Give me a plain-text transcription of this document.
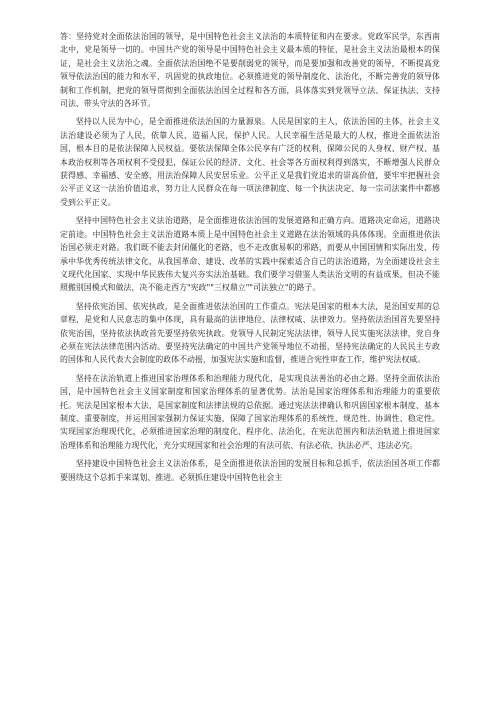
答：坚持党对全面依法治国的领导，是中国特色社会主义法治的本质特征和内在要求。党政军民学，东西南北中，党是领导一切的。中国共产党的领导是中国特色社会主义最本质的特征，是社会主义法治最根本的保证，是社会主义法治之魂。全面依法治国绝不是要削弱党的领导，而是要加强和改善党的领导，不断提高党领导依法治国的能力和水平，巩固党的执政地位。必须推进党的领导制度化、法治化，不断完善党的领导体制和工作机制，把党的领导贯彻到全面依法治国全过程和各方面，具体落实到党领导立法、保证执法、支持司法、带头守法的各环节。

坚持以人民为中心，是全面推进依法治国的力量源泉。人民是国家的主人，依法治国的主体，社会主义法治建设必须为了人民，依靠人民，造福人民，保护人民。人民幸福生活是最大的人权，推进全面依法治国，根本目的是依法保障人民权益。要依法保障全体公民享有广泛的权利，保障公民的人身权、财产权、基本政治权利等各项权利不受侵犯，保证公民的经济、文化、社会等各方面权利得到落实，不断增强人民群众获得感、幸福感、安全感，用法治保障人民安居乐业。公平正义是我们党追求的崇高价值，要牢牢把握社会公平正义这一法治价值追求，努力让人民群众在每一项法律制度、每一个执法决定、每一宗司法案件中都感受到公平正义。

坚持中国特色社会主义法治道路，是全面推进依法治国的发展道路和正确方向。道路决定命运，道路决定前途。中国特色社会主义法治道路本质上是中国特色社会主义道路在法治领域的具体体现。全面推进依法治国必须走对路。我们既不能去封闭僵化的老路，也不走改旗易帜的邪路，而要从中国国情和实际出发，传承中华优秀传统法律文化，从我国革命、建设、改革的实践中探索适合自己的法治道路，为全面建设社会主义现代化国家、实现中华民族伟大复兴夯实法治基础。我们要学习借鉴人类法治文明的有益成果，但决不能照搬别国模式和做法，决不能走西方"宪政""三权鼎立""司法独立"的路子。

坚持依宪治国、依宪执政，是全面推进依法治国的工作重点。宪法是国家的根本大法，是治国安邦的总章程，是党和人民意志的集中体现，具有最高的法律地位、法律权威、法律效力。坚持依法治国首先要坚持依宪治国，坚持依法执政首先要坚持依宪执政。党领导人民制定宪法法律，领导人民实施宪法法律，党自身必须在宪法法律范围内活动。要坚持宪法确定的中国共产党领导地位不动摇，坚持宪法确定的人民民主专政的国体和人民代表大会制度的政体不动摇，加强宪法实施和监督，推进合宪性审查工作，维护宪法权威。

坚持在法治轨道上推进国家治理体系和治理能力现代化，是实现良法善治的必由之路。坚持全面依法治国，是中国特色社会主义国家制度和国家治理体系的显著优势。法治是国家治理体系和治理能力的重要依托。宪法是国家根本大法，是国家制度和法律法规的总依据。通过宪法法律确认和巩固国家根本制度、基本制度、重要制度，并运用国家强制力保证实施，保障了国家治理体系的系统性、规范性、协调性、稳定性。实现国家治理现代化，必须推进国家治理的制度化、程序化、法治化，在宪法范围内和法治轨道上推进国家治理体系和治理能力现代化，充分实现国家和社会治理的有法可依、有法必依、执法必严、违法必究。

坚持建设中国特色社会主义法治体系，是全面推进依法治国的发展目标和总抓手，依法治国各项工作都要围绕这个总抓手来谋划、推进。必须抓住建设中国特色社会主
